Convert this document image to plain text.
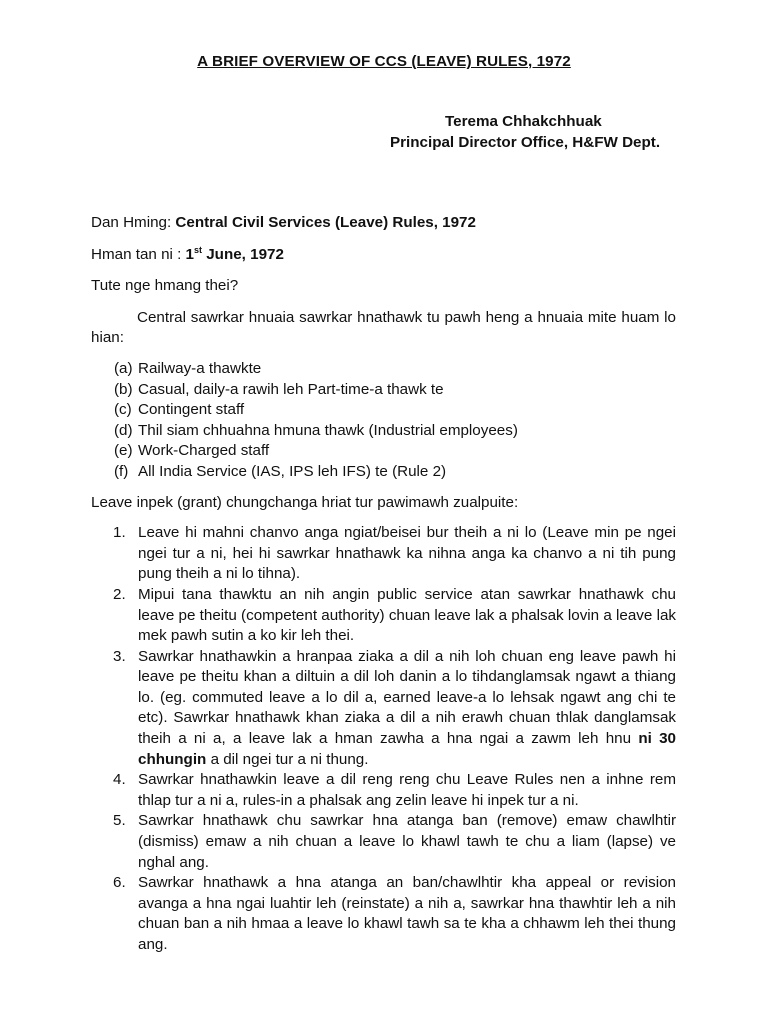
A BRIEF OVERVIEW OF CCS (LEAVE) RULES, 1972
Terema Chhakchhuak
Principal Director Office, H&FW Dept.

Dan Hming: Central Civil Services (Leave) Rules, 1972

Hman tan ni : 1st June, 1972

Tute nge hmang thei?

Central sawrkar hnuaia sawrkar hnathawk tu pawh heng a hnuaia mite huam lo hian:

(a) Railway-a thawkte
(b) Casual, daily-a rawih leh Part-time-a thawk te
(c) Contingent staff
(d) Thil siam chhuahna hmuna thawk (Industrial employees)
(e) Work-Charged staff
(f) All India Service (IAS, IPS leh IFS) te (Rule 2)

Leave inpek (grant) chungchanga hriat tur pawimawh zualpuite:

1. Leave hi mahni chanvo anga ngiat/beisei bur theih a ni lo (Leave min pe ngei ngei tur a ni, hei hi sawrkar hnathawk ka nihna anga ka chanvo a ni tih pung pung theih a ni lo tihna).
2. Mipui tana thawktu an nih angin public service atan sawrkar hnathawk chu leave pe theitu (competent authority) chuan leave lak a phalsak lovin a leave lak mek pawh sutin a ko kir leh thei.
3. Sawrkar hnathawkin a hranpaa ziaka a dil a nih loh chuan eng leave pawh hi leave pe theitu khan a diltuin a dil loh danin a lo tihdanglamsak ngawt a thiang lo. (eg. commuted leave a lo dil a, earned leave-a lo lehsak ngawt ang chi te etc). Sawrkar hnathawk khan ziaka a dil a nih erawh chuan thlak danglamsak theih a ni a, a leave lak a hman zawha a hna ngai a zawm leh hnu ni 30 chhungin a dil ngei tur a ni thung.
4. Sawrkar hnathawkin leave a dil reng reng chu Leave Rules nen a inhne rem thlap tur a ni a, rules-in a phalsak ang zelin leave hi inpek tur a ni.
5. Sawrkar hnathawk chu sawrkar hna atanga ban (remove) emaw chawlhtir (dismiss) emaw a nih chuan a leave lo khawl tawh te chu a liam (lapse) ve nghal ang.
6. Sawrkar hnathawk a hna atanga an ban/chawlhtir kha appeal or revision avanga a hna ngai luahtir leh (reinstate) a nih a, sawrkar hna thawhtir leh a nih chuan ban a nih hmaa a leave lo khawl tawh sa te kha a chhawm leh thei thung ang.
